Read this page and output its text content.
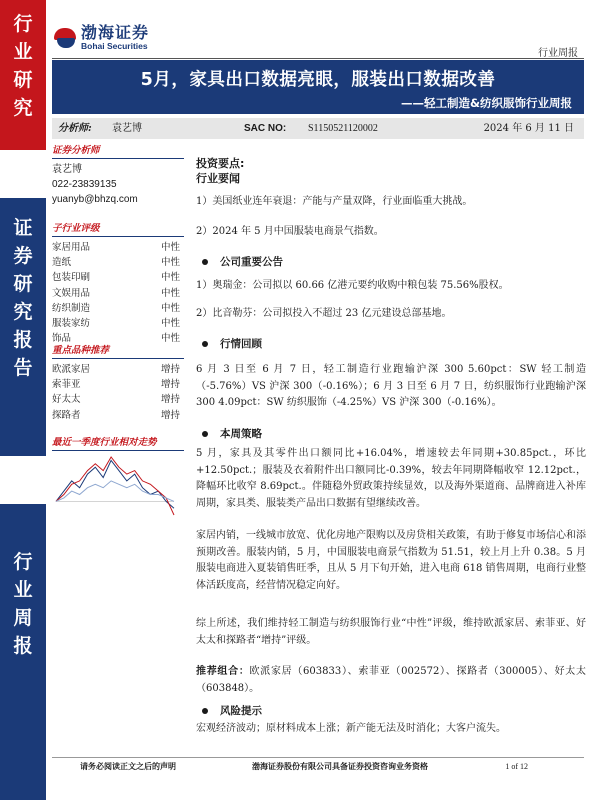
行
业
研
究
证
券
研
究
报
告
行
业
周
报
渤海证券
Bohai Securities
行业周报
5月，家具出口数据亮眼，服装出口数据改善
——轻工制造&纺织服饰行业周报
分析师: 袁艺博	SAC NO: S1150521120002	2024 年 6 月 11 日
证券分析师
袁艺博
022-23839135
yuanyb@bhzq.com
子行业评级
家居用品	中性
造纸	中性
包装印刷	中性
文娱用品	中性
纺织制造	中性
服装家纺	中性
饰品	中性
重点品种推荐
欧派家居	增持
索菲亚	增持
好太太	增持
探路者	增持
最近一季度行业相对走势
投资要点:
行业要闻
1）美国纸业连年衰退：产能与产量双降，行业面临重大挑战。
2）2024 年 5 月中国服装电商景气指数。
公司重要公告
1）奥瑞金：公司拟以 60.66 亿港元要约收购中粮包装 75.56%股权。
2）比音勒芬：公司拟投入不超过 23 亿元建设总部基地。
行情回顾
6 月 3 日至 6 月 7 日，轻工制造行业跑输沪深 300 5.60pct：SW 轻工制造（-5.76%）VS 沪深 300（-0.16%）；6 月 3 日至 6 月 7 日，纺织服饰行业跑输沪深 300 4.09pct：SW 纺织服饰（-4.25%）VS 沪深 300（-0.16%）。
本周策略
5 月，家具及其零件出口额同比+16.04%，增速较去年同期+30.85pct.，环比+12.50pct.；服装及衣着附件出口额同比-0.39%，较去年同期降幅收窄 12.12pct.，降幅环比收窄 8.69pct.。伴随稳外贸政策持续显效，以及海外渠道商、品牌商进入补库周期，家具类、服装类产品出口数据有望继续改善。
家居内销，一线城市放宽、优化房地产限购以及房贷相关政策，有助于修复市场信心和添预期改善。服装内销，5 月，中国服装电商景气指数为 51.51，较上月上升 0.38。5 月服装电商进入夏装销售旺季，且从 5 月下旬开始，进入电商 618 销售周期，电商行业整体活跃度高，经营情况稳定向好。
综上所述，我们维持轻工制造与纺织服饰行业“中性”评级，维持欧派家居、索菲亚、好太太和探路者“增持”评级。
推荐组合：欧派家居（603833）、索菲亚（002572）、探路者（300005）、好太太（603848）。
风险提示
宏观经济波动；原材料成本上涨；新产能无法及时消化；大客户流失。
请务必阅读正文之后的声明	渤海证券股份有限公司具备证券投资咨询业务资格	1 of 12
